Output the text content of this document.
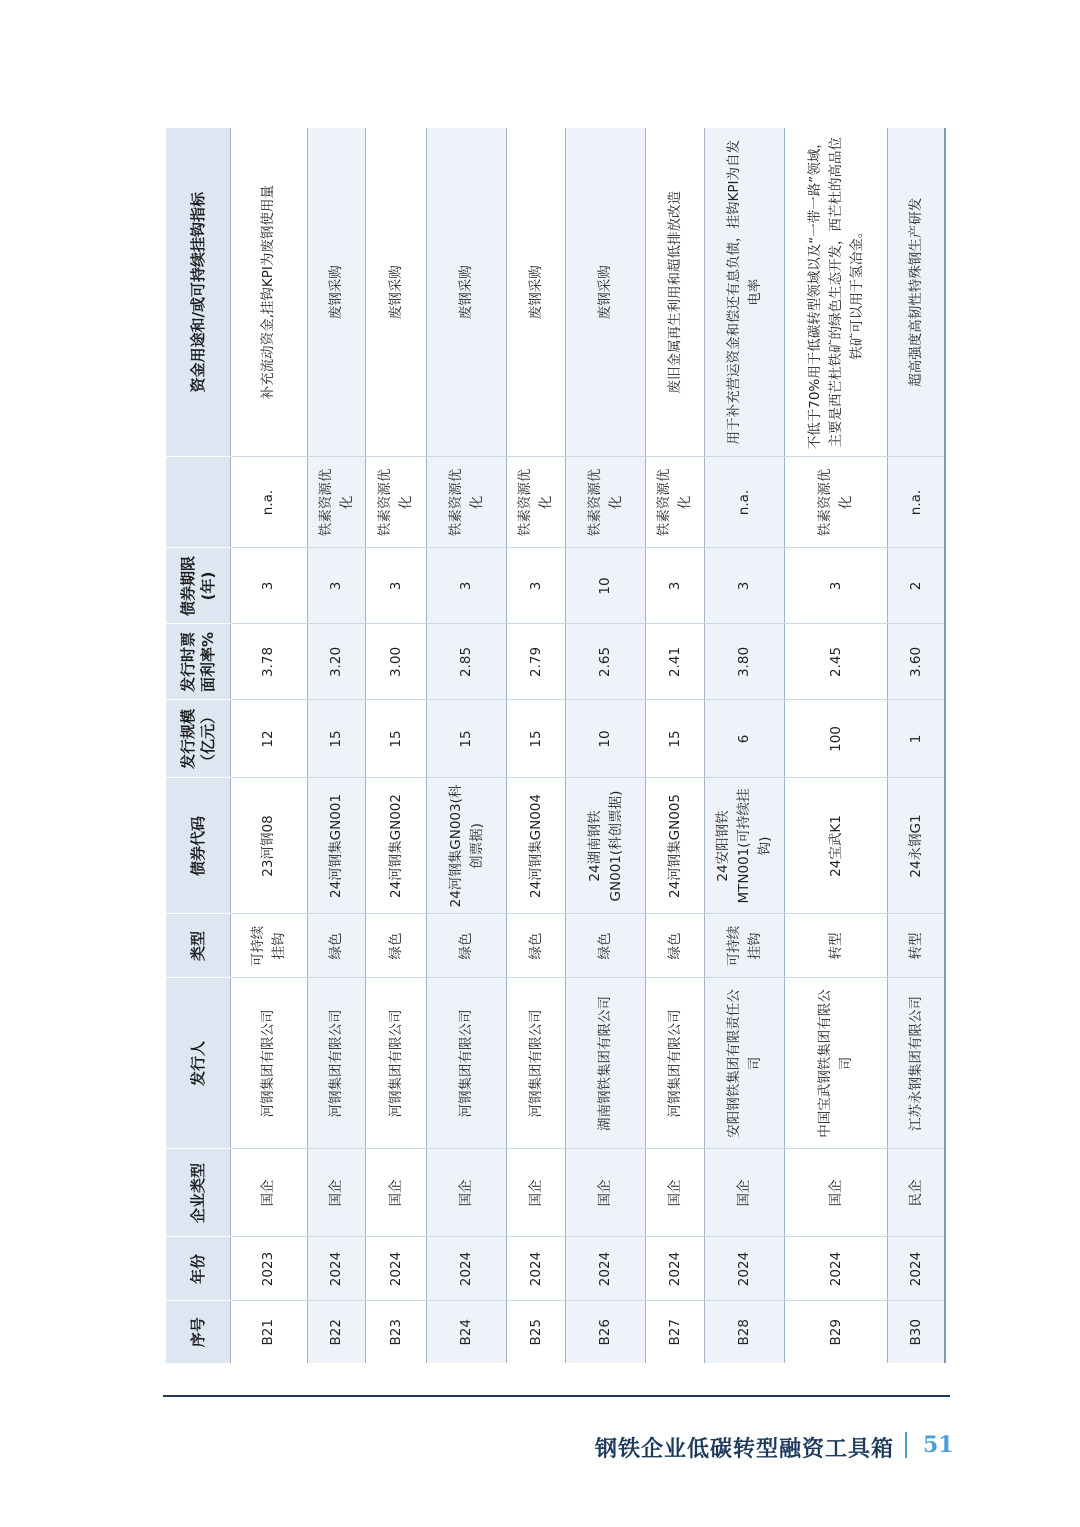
序号	年份	企业类型	发行人	类型	债券代码	发行规模（亿元）	发行时票面利率%	债券期限(年)		资金用途和/或可持续挂钩指标
B21	2023	国企	河钢集团有限公司	可持续挂钩	23河钢08	12	3.78	3	n.a.	补充流动资金,挂钩KPI为废钢使用量
B22	2024	国企	河钢集团有限公司	绿色	24河钢集GN001	15	3.20	3	铁素资源优化	废钢采购
B23	2024	国企	河钢集团有限公司	绿色	24河钢集GN002	15	3.00	3	铁素资源优化	废钢采购
B24	2024	国企	河钢集团有限公司	绿色	24河钢集GN003(科创票据)	15	2.85	3	铁素资源优化	废钢采购
B25	2024	国企	河钢集团有限公司	绿色	24河钢集GN004	15	2.79	3	铁素资源优化	废钢采购
B26	2024	国企	湖南钢铁集团有限公司	绿色	24湖南钢铁GN001(科创票据)	10	2.65	10	铁素资源优化	废钢采购
B27	2024	国企	河钢集团有限公司	绿色	24河钢集GN005	15	2.41	3	铁素资源优化	废旧金属再生利用和超低排放改造
B28	2024	国企	安阳钢铁集团有限责任公司	可持续挂钩	24安阳钢铁MTN001(可持续挂钩)	6	3.80	3	n.a.	用于补充营运资金和偿还有息负债，挂钩KPI为自发电率
B29	2024	国企	中国宝武钢铁集团有限公司	转型	24宝武K1	100	2.45	3	铁素资源优化	不低于70%用于低碳转型领域以及“一带一路”领域，主要是西芒杜铁矿的绿色生态开发，西芒杜的高品位铁矿可以用于氢冶金。
B30	2024	民企	江苏永钢集团有限公司	转型	24永钢G1	1	3.60	2	n.a.	超高强度高韧性特殊钢生产研发
钢铁企业低碳转型融资工具箱 51
